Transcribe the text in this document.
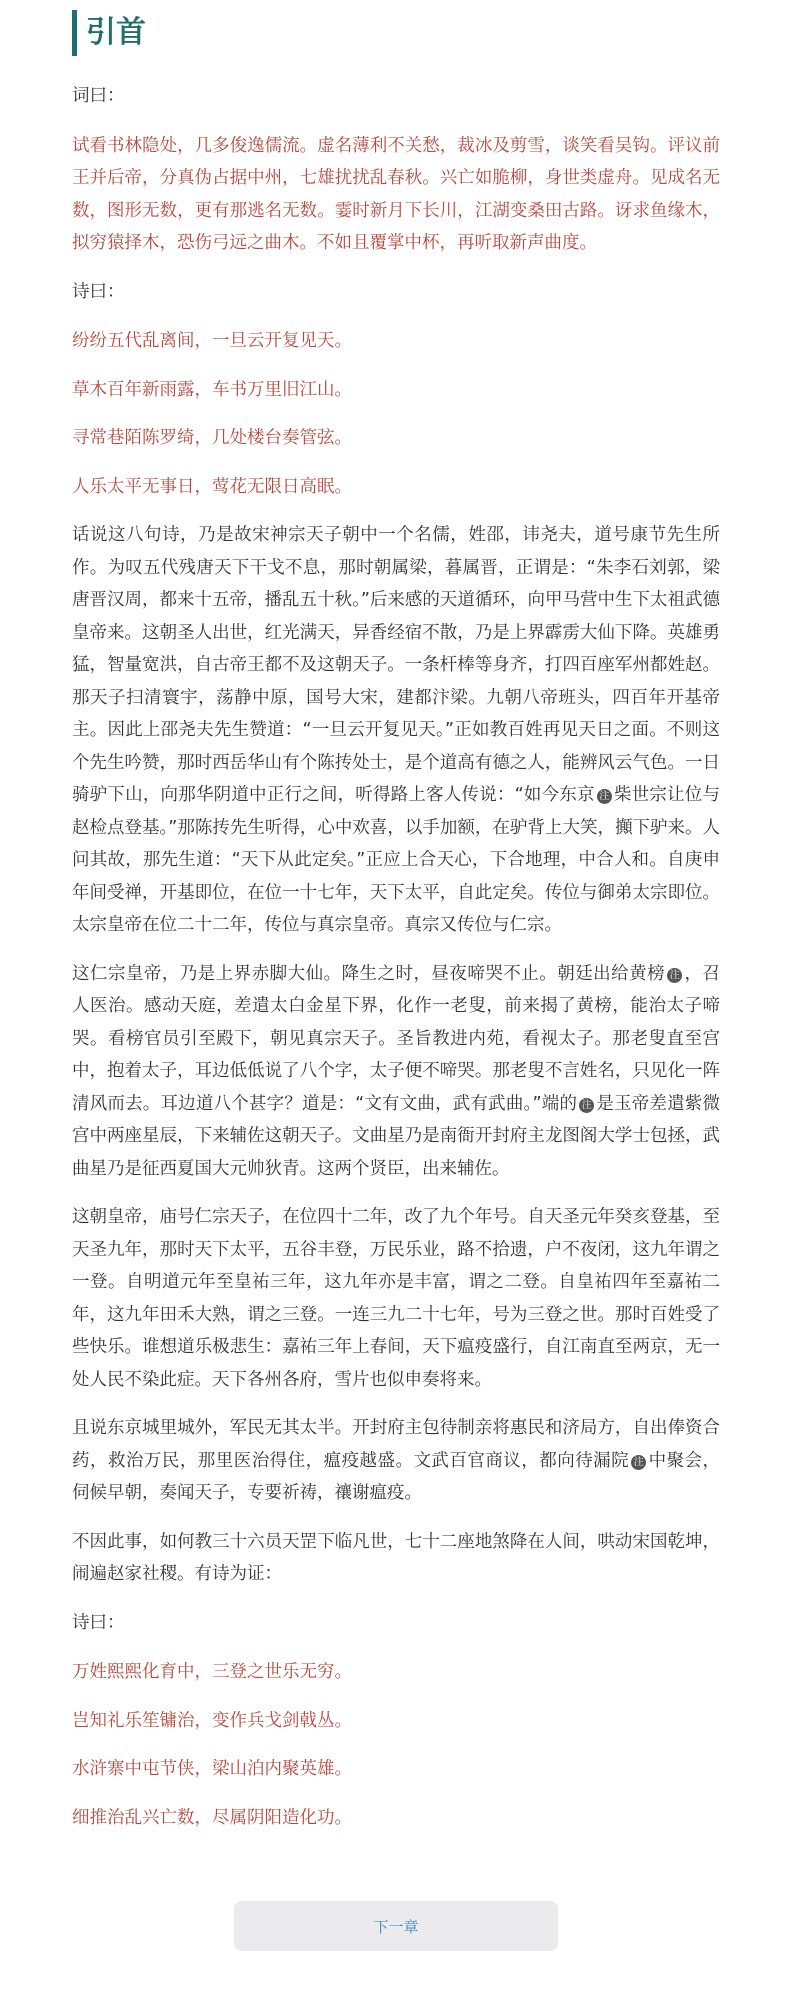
引首

词曰：

试看书林隐处，几多俊逸儒流。虚名薄利不关愁，裁冰及剪雪，谈笑看吴钩。评议前王并后帝，分真伪占据中州，七雄扰扰乱春秋。兴亡如脆柳，身世类虚舟。见成名无数，图形无数，更有那逃名无数。霎时新月下长川，江湖变桑田古路。讶求鱼缘木，拟穷猿择木，恐伤弓远之曲木。不如且覆掌中杯，再听取新声曲度。

诗曰：

纷纷五代乱离间，一旦云开复见天。

草木百年新雨露，车书万里旧江山。

寻常巷陌陈罗绮，几处楼台奏管弦。

人乐太平无事日，莺花无限日高眠。

话说这八句诗，乃是故宋神宗天子朝中一个名儒，姓邵，讳尧夫，道号康节先生所作。为叹五代残唐天下干戈不息，那时朝属梁，暮属晋，正谓是：“朱李石刘郭，梁唐晋汉周，都来十五帝，播乱五十秋。”后来感的天道循环，向甲马营中生下太祖武德皇帝来。这朝圣人出世，红光满天，异香经宿不散，乃是上界霹雳大仙下降。英雄勇猛，智量宽洪，自古帝王都不及这朝天子。一条杆棒等身齐，打四百座军州都姓赵。那天子扫清寰宇，荡静中原，国号大宋，建都汴梁。九朝八帝班头，四百年开基帝主。因此上邵尧夫先生赞道：“一旦云开复见天。”正如教百姓再见天日之面。不则这个先生吟赞，那时西岳华山有个陈抟处士，是个道高有德之人，能辨风云气色。一日骑驴下山，向那华阴道中正行之间，听得路上客人传说：“如今东京 注 柴世宗让位与赵检点登基。”那陈抟先生听得，心中欢喜，以手加额，在驴背上大笑，攧下驴来。人问其故，那先生道：“天下从此定矣。”正应上合天心，下合地理，中合人和。自庚申年间受禅，开基即位，在位一十七年，天下太平，自此定矣。传位与御弟太宗即位。太宗皇帝在位二十二年，传位与真宗皇帝。真宗又传位与仁宗。

这仁宗皇帝，乃是上界赤脚大仙。降生之时，昼夜啼哭不止。朝廷出给黄榜 注 ，召人医治。感动天庭，差遣太白金星下界，化作一老叟，前来揭了黄榜，能治太子啼哭。看榜官员引至殿下，朝见真宗天子。圣旨教进内苑，看视太子。那老叟直至宫中，抱着太子，耳边低低说了八个字，太子便不啼哭。那老叟不言姓名，只见化一阵清风而去。耳边道八个甚字？道是：“文有文曲，武有武曲。”端的 注 是玉帝差遣紫微宫中两座星辰，下来辅佐这朝天子。文曲星乃是南衙开封府主龙图阁大学士包拯，武曲星乃是征西夏国大元帅狄青。这两个贤臣，出来辅佐。

这朝皇帝，庙号仁宗天子，在位四十二年，改了九个年号。自天圣元年癸亥登基，至天圣九年，那时天下太平，五谷丰登，万民乐业，路不拾遗，户不夜闭，这九年谓之一登。自明道元年至皇祐三年，这九年亦是丰富，谓之二登。自皇祐四年至嘉祐二年，这九年田禾大熟，谓之三登。一连三九二十七年，号为三登之世。那时百姓受了些快乐。谁想道乐极悲生：嘉祐三年上春间，天下瘟疫盛行，自江南直至两京，无一处人民不染此症。天下各州各府，雪片也似申奏将来。

且说东京城里城外，军民无其太半。开封府主包待制亲将惠民和济局方，自出俸资合药，救治万民，那里医治得住，瘟疫越盛。文武百官商议，都向待漏院 注 中聚会，伺候早朝，奏闻天子，专要祈祷，禳谢瘟疫。

不因此事，如何教三十六员天罡下临凡世，七十二座地煞降在人间，哄动宋国乾坤，闹遍赵家社稷。有诗为证：

诗曰：

万姓熙熙化育中，三登之世乐无穷。

岂知礼乐笙镛治，变作兵戈剑戟丛。

水浒寨中屯节侠，梁山泊内聚英雄。

细推治乱兴亡数，尽属阴阳造化功。

下一章
